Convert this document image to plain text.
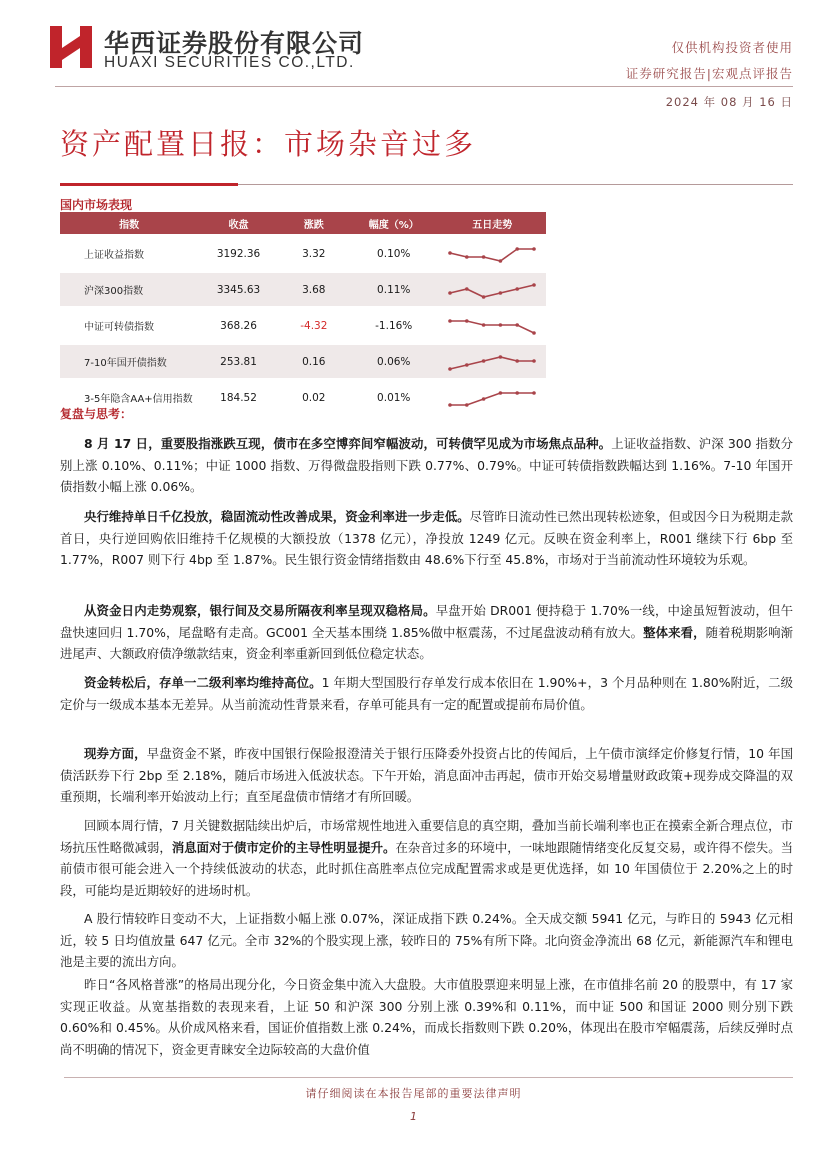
华西证券股份有限公司
HUAXI SECURITIES CO.,LTD.
仅供机构投资者使用
证券研究报告|宏观点评报告
2024 年 08 月 16 日
资产配置日报：市场杂音过多
国内市场表现
指数	收盘	涨跌	幅度（%）	五日走势
上证收益指数	3192.36	3.32	0.10%	

沪深300指数	3345.63	3.68	0.11%	

中证可转债指数	368.26	-4.32	-1.16%	

7-10年国开债指数	253.81	0.16	0.06%	

3-5年隐含AA+信用指数	184.52	0.02	0.01%	
复盘与思考：

8 月 17 日，重要股指涨跌互现，债市在多空博弈间窄幅波动，可转债罕见成为市场焦点品种。上证收益指数、沪深 300 指数分别上涨 0.10%、0.11%；中证 1000 指数、万得微盘股指则下跌 0.77%、0.79%。中证可转债指数跌幅达到 1.16%。7-10 年国开债指数小幅上涨 0.06%。

央行维持单日千亿投放，稳固流动性改善成果，资金利率进一步走低。尽管昨日流动性已然出现转松迹象，但或因今日为税期走款首日，央行逆回购依旧维持千亿规模的大额投放（1378 亿元），净投放 1249 亿元。反映在资金利率上，R001 继续下行 6bp 至 1.77%，R007 则下行 4bp 至 1.87%。民生银行资金情绪指数由 48.6%下行至 45.8%，市场对于当前流动性环境较为乐观。

从资金日内走势观察，银行间及交易所隔夜利率呈现双稳格局。早盘开始 DR001 便持稳于 1.70%一线，中途虽短暂波动，但午盘快速回归 1.70%，尾盘略有走高。GC001 全天基本围绕 1.85%做中枢震荡，不过尾盘波动稍有放大。整体来看，随着税期影响渐进尾声、大额政府债净缴款结束，资金利率重新回到低位稳定状态。

资金转松后，存单一二级利率均维持高位。1 年期大型国股行存单发行成本依旧在 1.90%+，3 个月品种则在 1.80%附近，二级定价与一级成本基本无差异。从当前流动性背景来看，存单可能具有一定的配置或提前布局价值。

现券方面，早盘资金不紧，昨夜中国银行保险报澄清关于银行压降委外投资占比的传闻后，上午债市演绎定价修复行情，10 年国债活跃券下行 2bp 至 2.18%，随后市场进入低波状态。下午开始，消息面冲击再起，债市开始交易增量财政政策+现券成交降温的双重预期，长端利率开始波动上行；直至尾盘债市情绪才有所回暖。

回顾本周行情，7 月关键数据陆续出炉后，市场常规性地进入重要信息的真空期，叠加当前长端利率也正在摸索全新合理点位，市场抗压性略微减弱，消息面对于债市定价的主导性明显提升。在杂音过多的环境中，一味地跟随情绪变化反复交易，或许得不偿失。当前债市很可能会进入一个持续低波动的状态，此时抓住高胜率点位完成配置需求或是更优选择，如 10 年国债位于 2.20%之上的时段，可能均是近期较好的进场时机。

A 股行情较昨日变动不大，上证指数小幅上涨 0.07%，深证成指下跌 0.24%。全天成交额 5941 亿元，与昨日的 5943 亿元相近，较 5 日均值放量 647 亿元。全市 32%的个股实现上涨，较昨日的 75%有所下降。北向资金净流出 68 亿元，新能源汽车和锂电池是主要的流出方向。

昨日“各风格普涨”的格局出现分化，今日资金集中流入大盘股。大市值股票迎来明显上涨，在市值排名前 20 的股票中，有 17 家实现正收益。从宽基指数的表现来看，上证 50 和沪深 300 分别上涨 0.39%和 0.11%，而中证 500 和国证 2000 则分别下跌 0.60%和 0.45%。从价成风格来看，国证价值指数上涨 0.24%，而成长指数则下跌 0.20%，体现出在股市窄幅震荡，后续反弹时点尚不明确的情况下，资金更青睐安全边际较高的大盘价值

请仔细阅读在本报告尾部的重要法律声明
1
